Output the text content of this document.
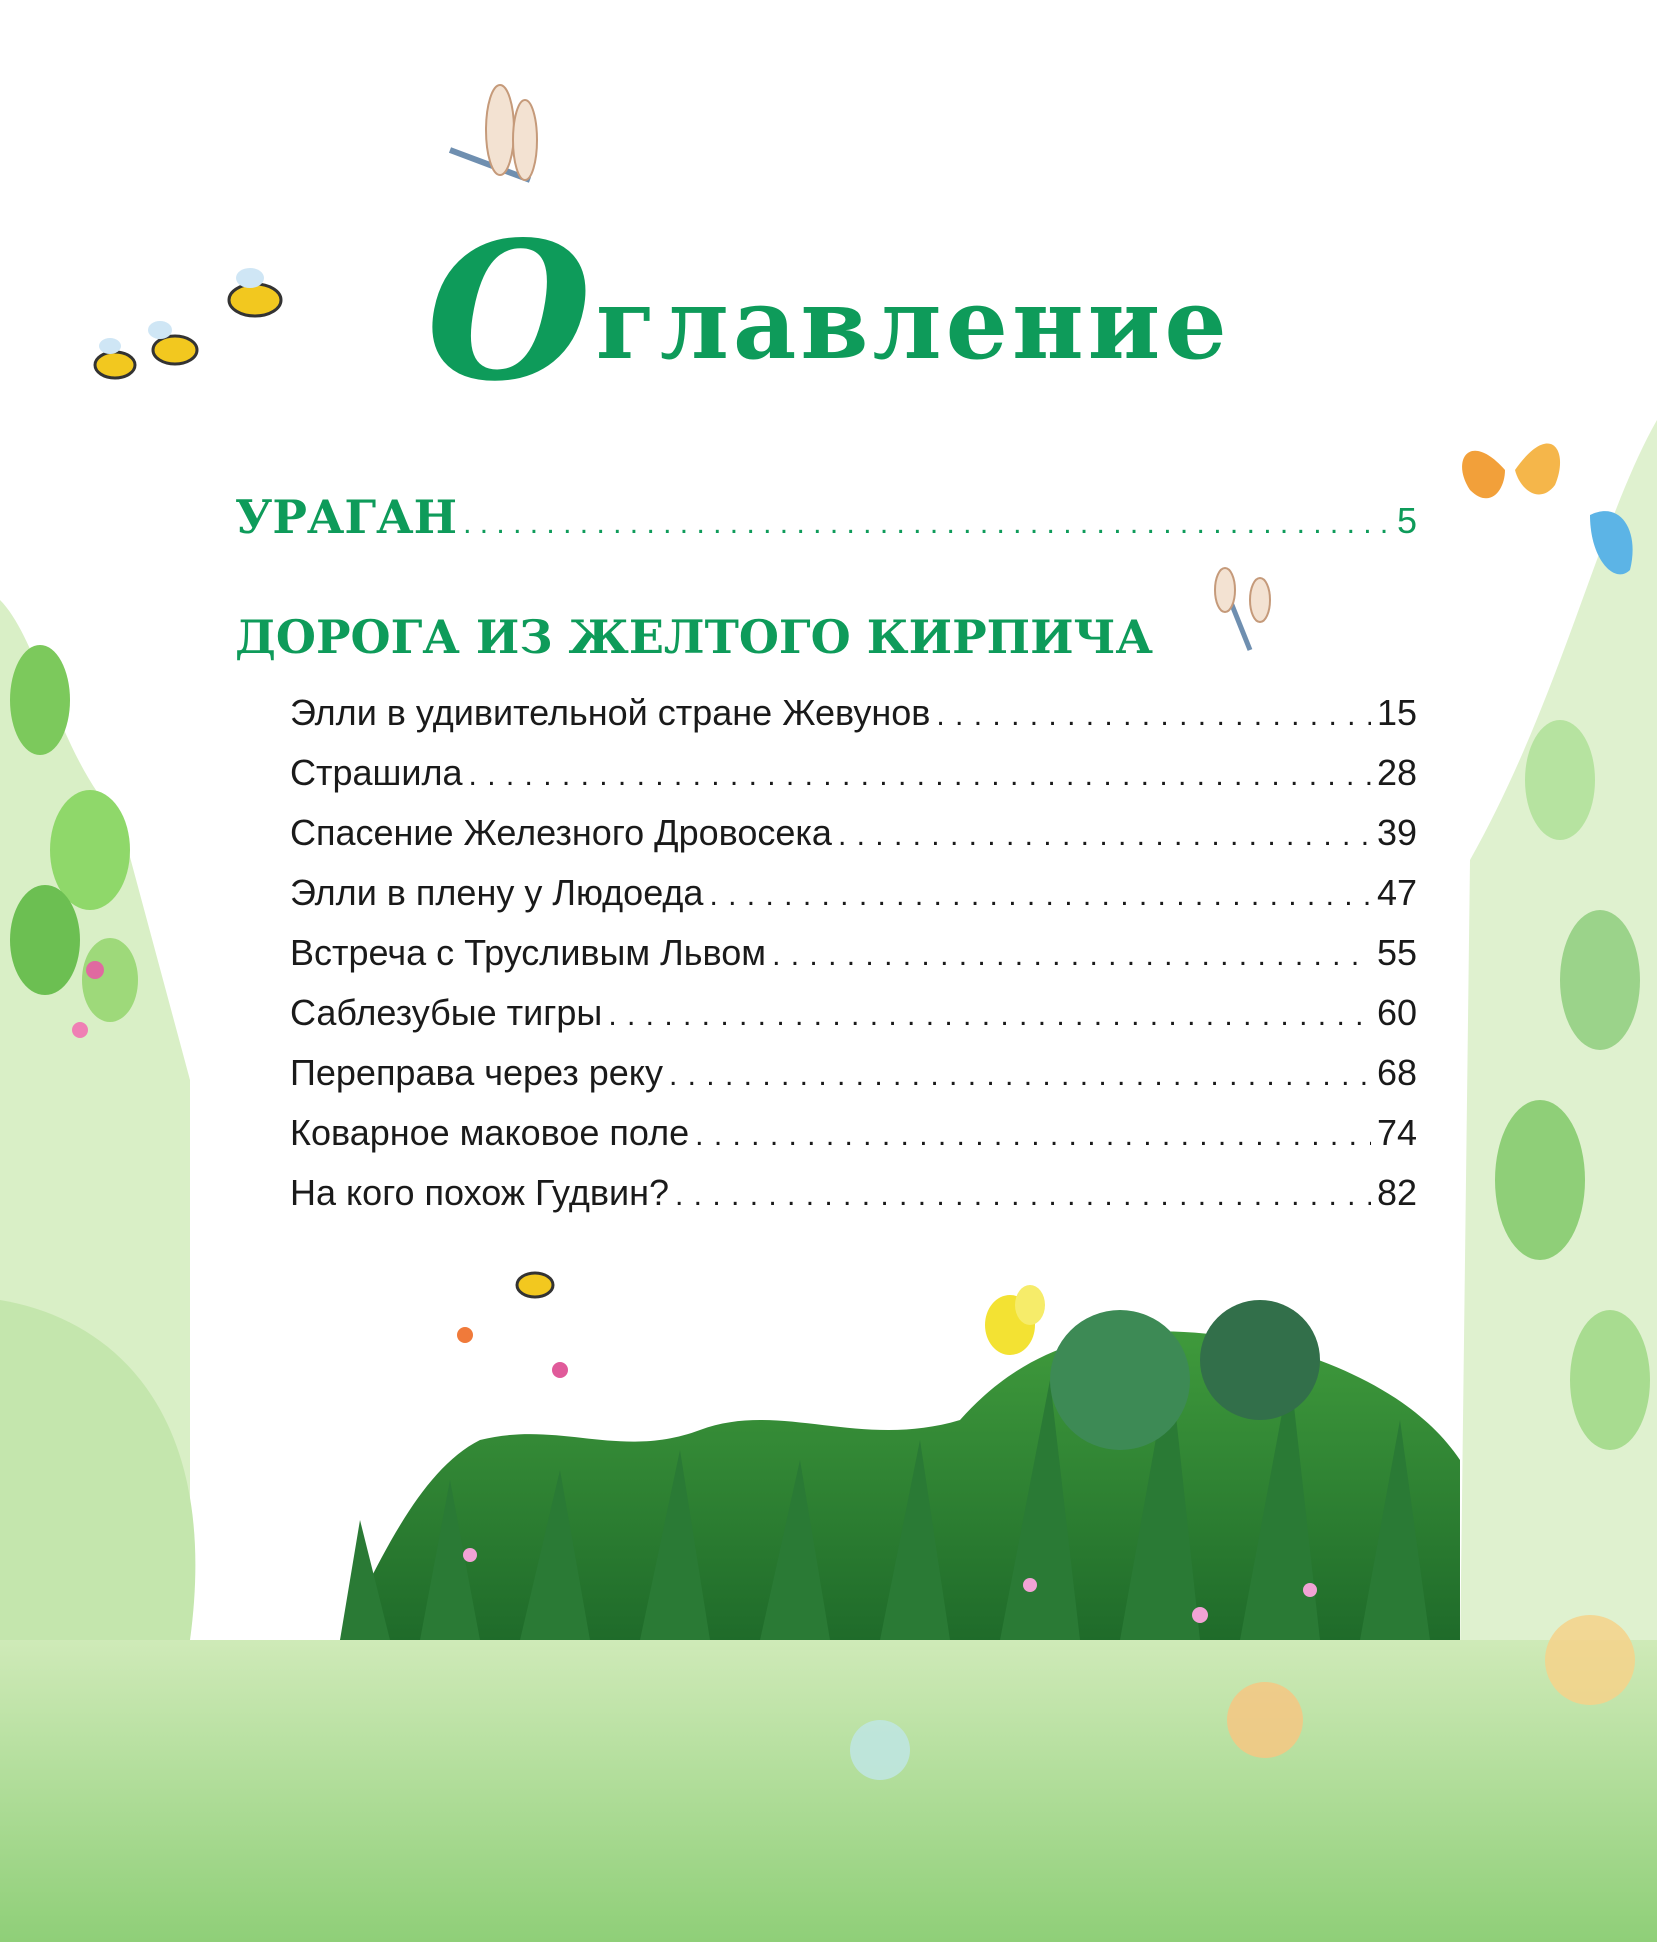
Оглавление
УРАГАН . . .	5
ДОРОГА ИЗ ЖЕЛТОГО КИРПИЧА
Элли в удивительной стране Жевунов . . .	15
Страшила . . .	28
Спасение Железного Дровосека . . .	39
Элли в плену у Людоеда . . .	47
Встреча с Трусливым Львом . . .	55
Саблезубые тигры . . .	60
Переправа через реку . . .	68
Коварное маковое поле . . .	74
На кого похож Гудвин? . . .	82
